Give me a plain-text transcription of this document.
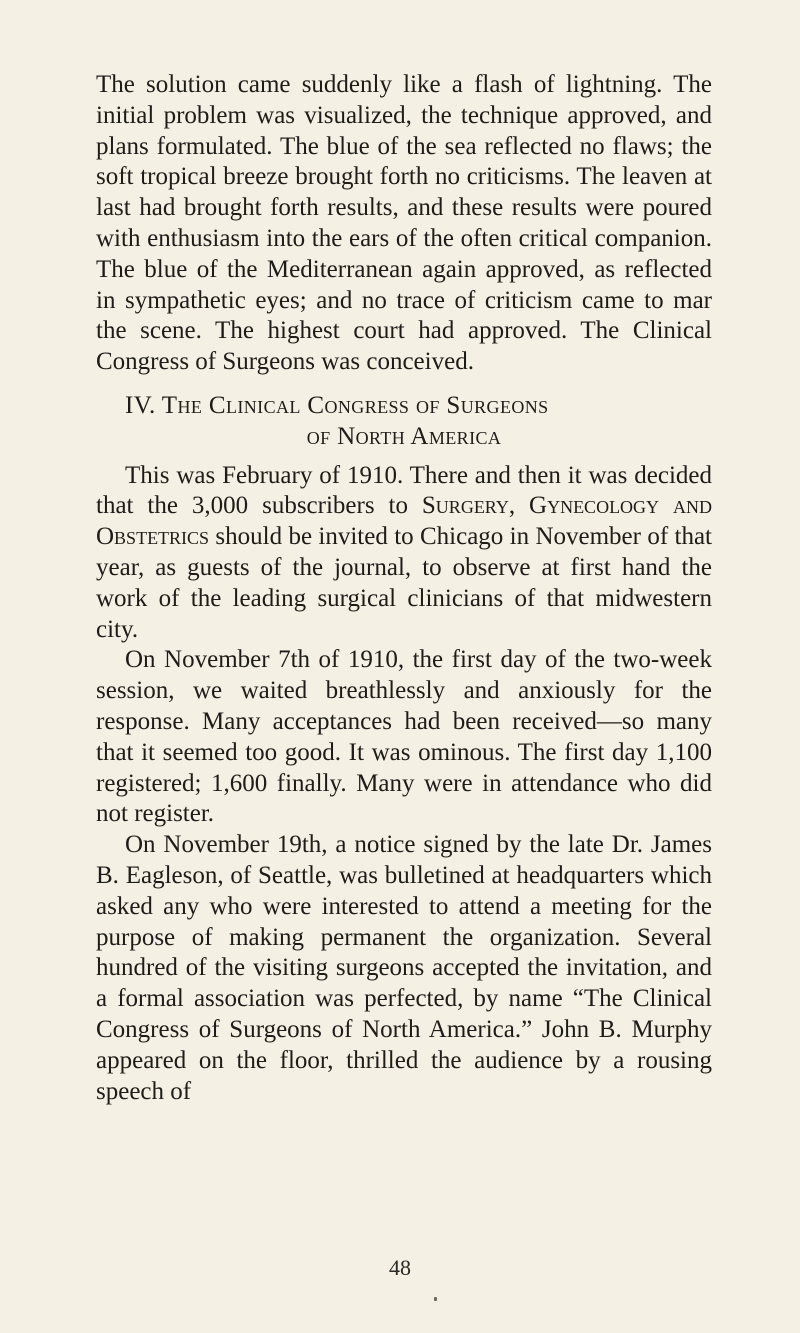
The solution came suddenly like a flash of lightning. The initial problem was visualized, the technique approved, and plans formulated. The blue of the sea reflected no flaws; the soft tropical breeze brought forth no criticisms. The leaven at last had brought forth results, and these results were poured with enthusiasm into the ears of the often critical companion. The blue of the Mediterranean again approved, as reflected in sympathetic eyes; and no trace of criticism came to mar the scene. The highest court had approved. The Clinical Congress of Surgeons was conceived.

IV. The Clinical Congress of Surgeons
of North America

This was February of 1910. There and then it was decided that the 3,000 subscribers to Surgery, Gynecology and Obstetrics should be invited to Chicago in November of that year, as guests of the journal, to observe at first hand the work of the leading surgical clinicians of that midwestern city.

On November 7th of 1910, the first day of the two-week session, we waited breathlessly and anxiously for the response. Many acceptances had been received—so many that it seemed too good. It was ominous. The first day 1,100 registered; 1,600 finally. Many were in attendance who did not register.

On November 19th, a notice signed by the late Dr. James B. Eagleson, of Seattle, was bulletined at headquarters which asked any who were interested to attend a meeting for the purpose of making permanent the organization. Several hundred of the visiting surgeons accepted the invitation, and a formal association was perfected, by name “The Clinical Congress of Surgeons of North America.” John B. Murphy appeared on the floor, thrilled the audience by a rousing speech of

48
